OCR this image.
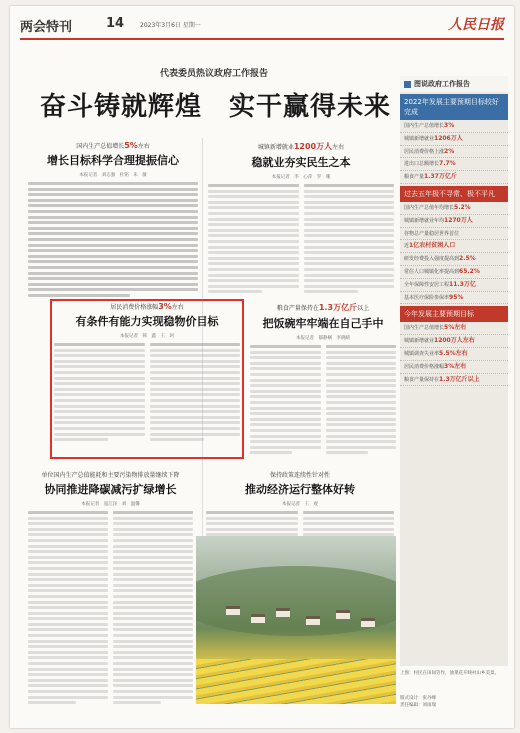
两会特刊	14	2023年3月6日 星期一	人民日报
代表委员热议政府工作报告
奋斗铸就辉煌　实干赢得未来
国内生产总值增长5%左右
增长目标科学合理提振信心
本报记者　刘志强　杜铭　朱　敏
城镇新增就业1200万人左右
稳就业夯实民生之本
本报记者　李　心萍　罗　珊
居民消费价格涨幅3%左右
有条件有能力实现稳物价目标
本报记者　韩　鑫　王　珂
粮食产量保持在1.3万亿斤以上
把饭碗牢牢端在自己手中
本报记者　郁静娴　李晓晴
单位国内生产总值能耗和主要污染物排放量继续下降
协同推进降碳减污扩绿增长
本报记者　寇江泽　刘　温馨
保持政策连续性针对性
推动经济运行整体好转
本报记者　王　观
图说政府工作报告
2022年发展主要预期目标较好完成
国内生产总值增长3%
城镇新增就业1206万人
居民消费价格上涨2%
进出口总额增长7.7%
粮食产量1.37万亿斤
过去五年极不寻常、极不平凡
国内生产总值年均增长5.2%
城镇新增就业年均1270万人
谷物总产量稳居世界首位
近1亿农村贫困人口
研发经费投入强度提高到2.5%
常住人口城镇化率提高到65.2%
全年保障性安居工程11.3万亿
基本医疗保险参保率95%
今年发展主要预期目标
国内生产总值增长5%左右
城镇新增就业1200万人左右
城镇调查失业率5.5%左右
居民消费价格涨幅3%左右
粮食产量保持在1.3万亿斤以上
上图：村民在田间劳作，油菜花开映衬山乡美景。
版式设计：张丹峰
责任编辑：刘雨瑞
